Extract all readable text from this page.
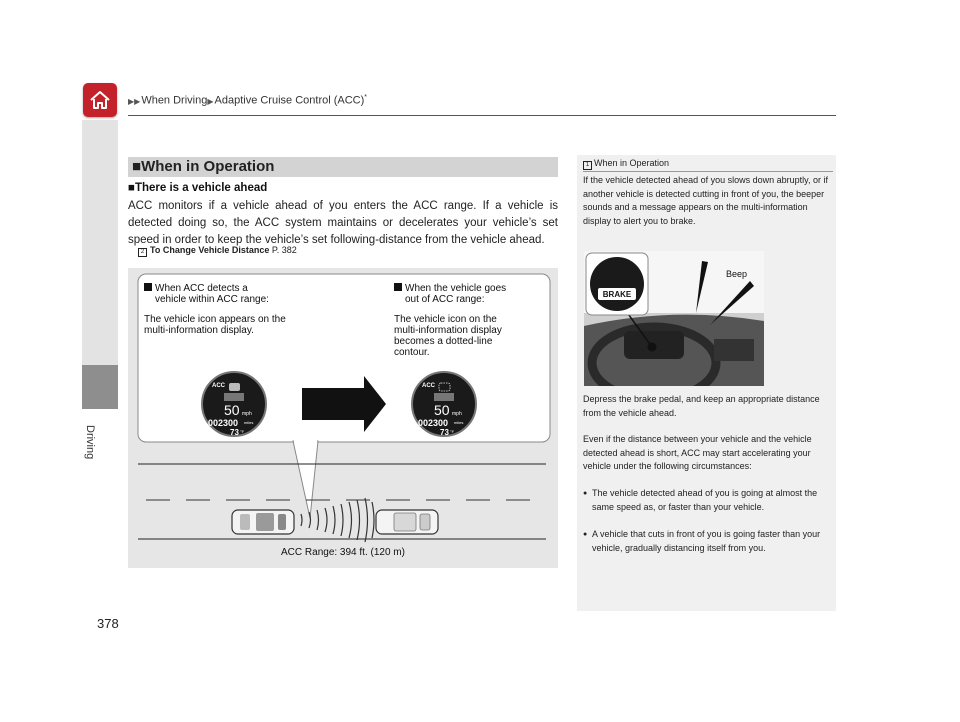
▶▶When Driving▶Adaptive Cruise Control (ACC)*
Driving
378
■When in Operation
■There is a vehicle ahead
ACC monitors if a vehicle ahead of you enters the ACC range. If a vehicle is detected doing so, the ACC system maintains or decelerates your vehicle’s set speed in order to keep the vehicle’s set following-distance from the vehicle ahead.
2 To Change Vehicle Distance P. 382
ACC
50 mph
002300 miles
73 °F
ACC
50 mph
002300 miles
73 °F
ACC Range: 394 ft. (120 m)
When ACC detects a
vehicle within ACC range:
The vehicle icon appears on the
multi-information display.
When the vehicle goes
out of ACC range:
The vehicle icon on the
multi-information display
becomes a dotted-line
contour.
1 When in Operation
If the vehicle detected ahead of you slows down abruptly, or if another vehicle is detected cutting in front of you, the beeper sounds and a message appears on the multi-information display to alert you to brake.
BRAKE
Beep
Depress the brake pedal, and keep an appropriate distance from the vehicle ahead.
Even if the distance between your vehicle and the vehicle detected ahead is short, ACC may start accelerating your vehicle under the following circumstances:
● The vehicle detected ahead of you is going at almost the same speed as, or faster than your vehicle.
● A vehicle that cuts in front of you is going faster than your vehicle, gradually distancing itself from you.
